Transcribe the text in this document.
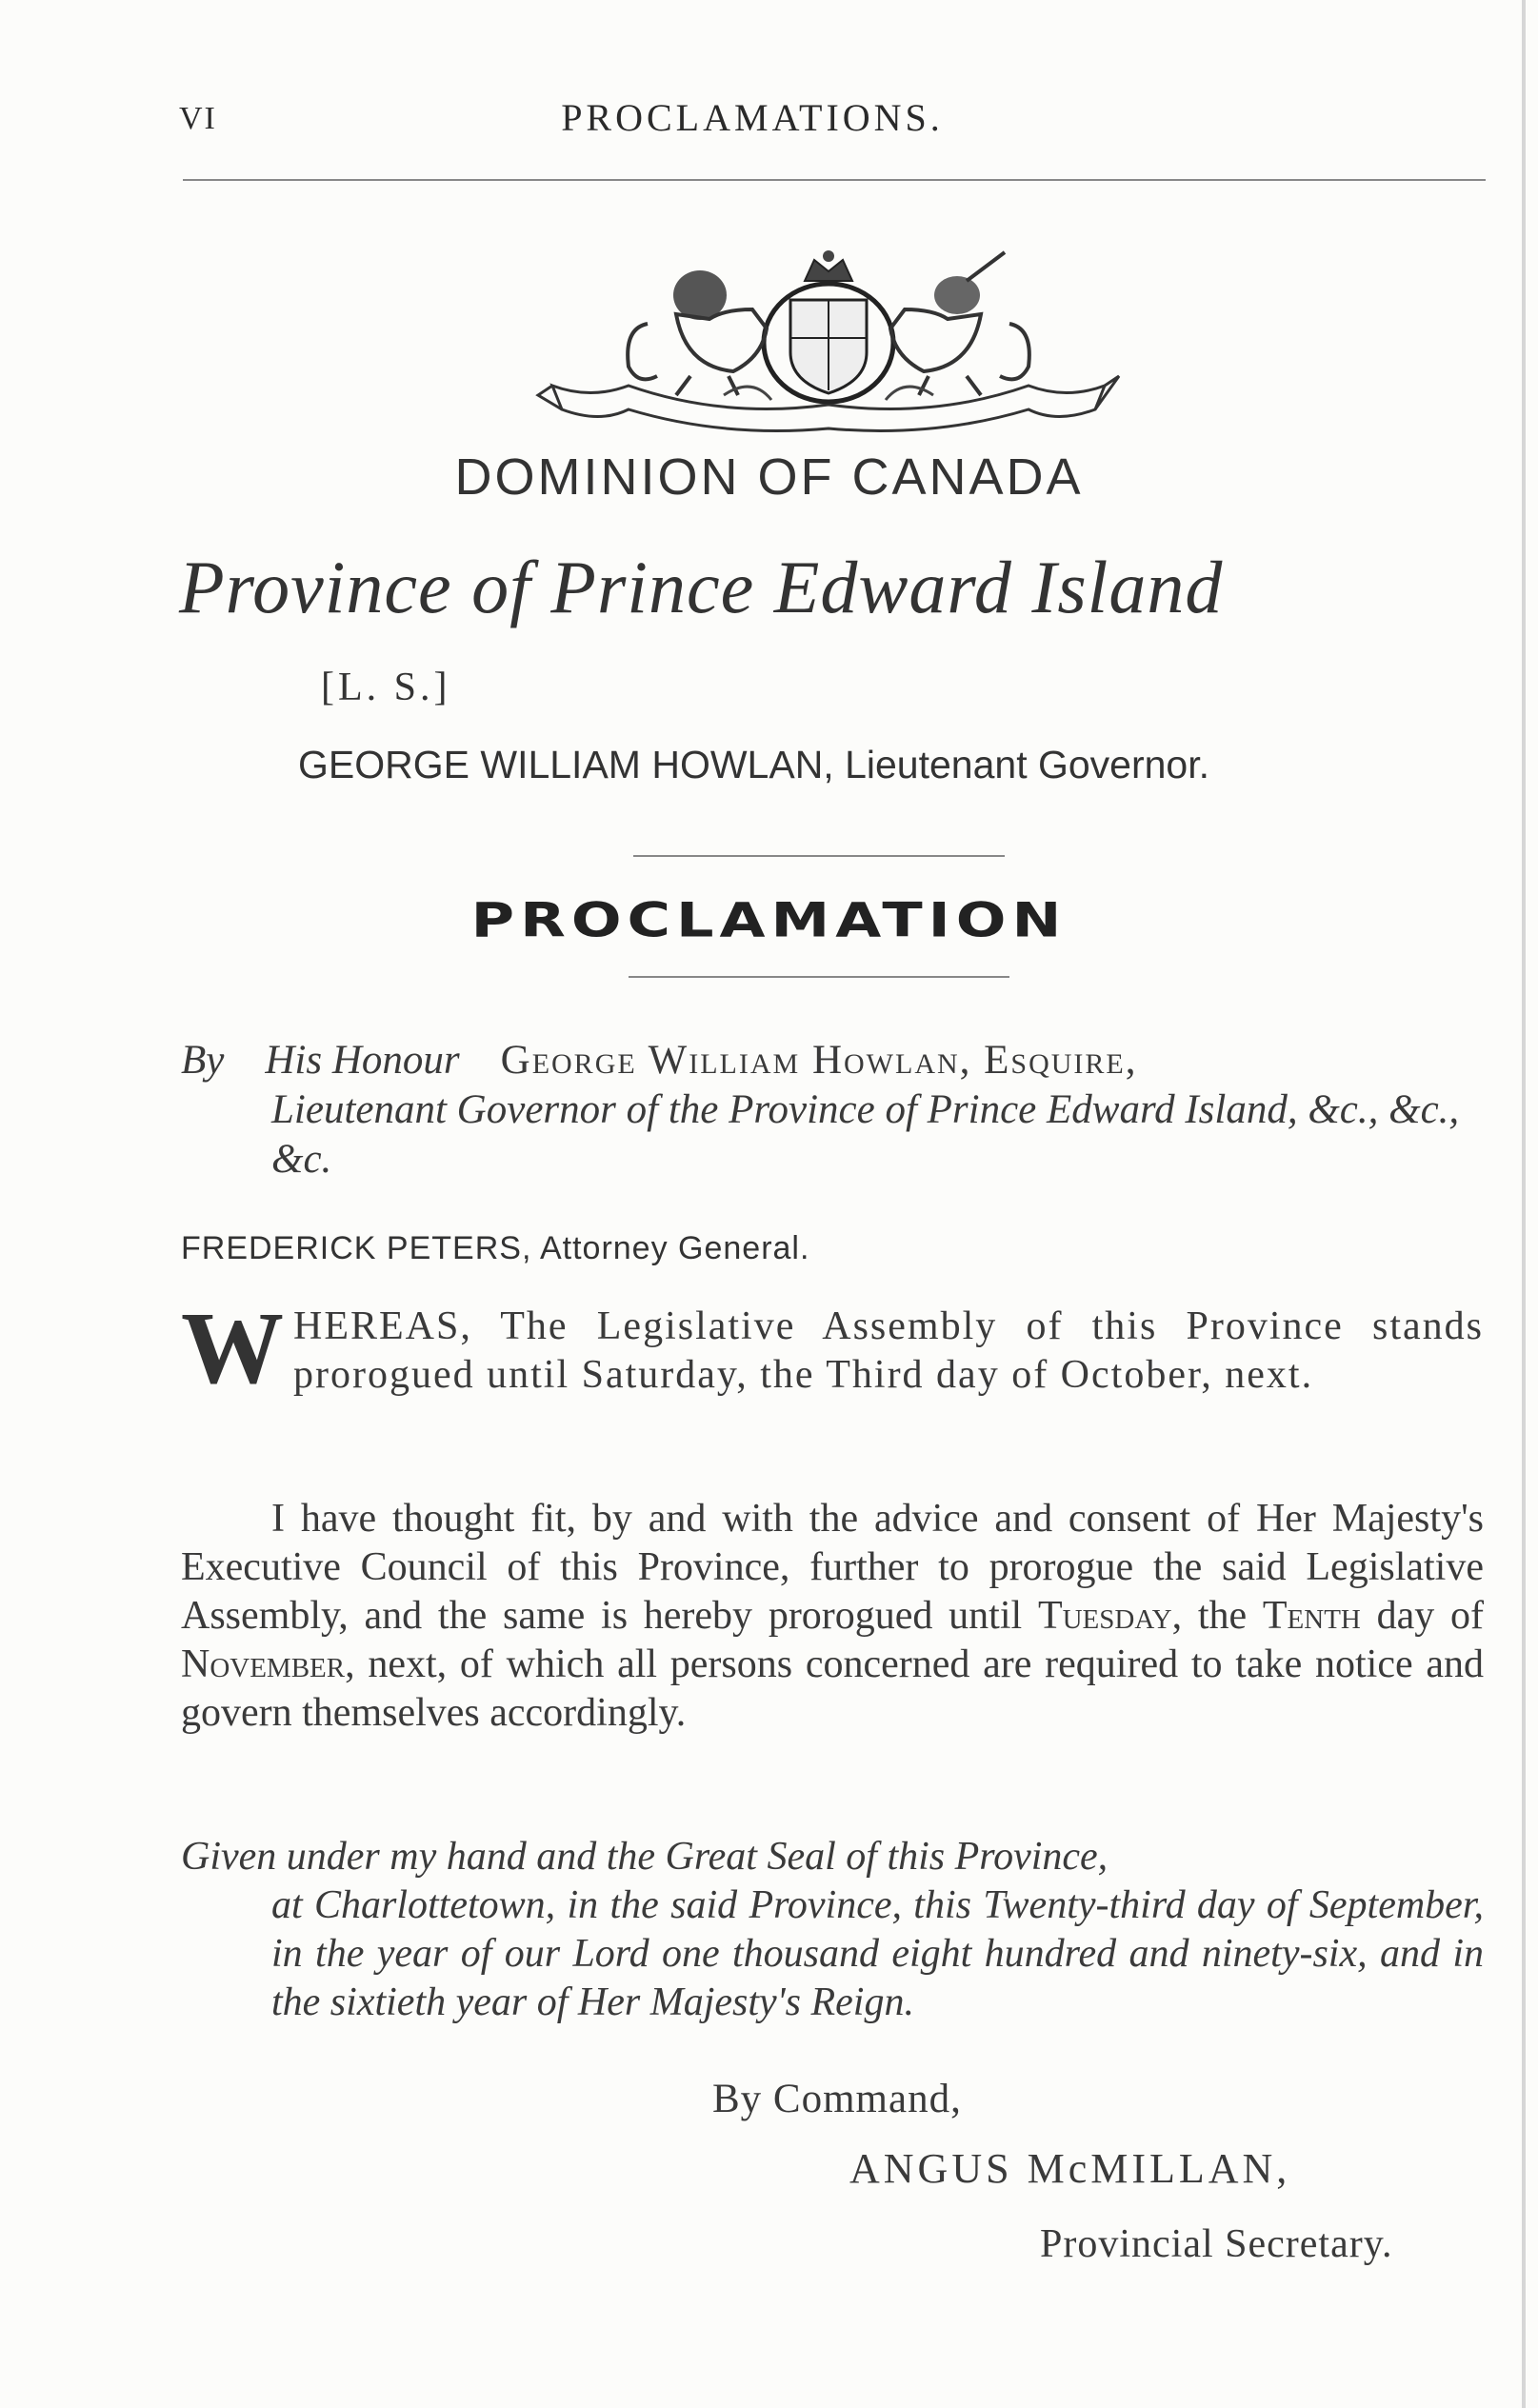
VI	PROCLAMATIONS.
DOMINION OF CANADA
Province of Prince Edward Island
[L. S.]
GEORGE WILLIAM HOWLAN, Lieutenant Governor.
PROCLAMATION
By His Honour George William Howlan, Esquire,
Lieutenant Governor of the Province of Prince Edward Island, &c., &c., &c.
FREDERICK PETERS, Attorney General.
WHEREAS, The Legislative Assembly of this Province stands prorogued until Saturday, the Third day of October, next.
I have thought fit, by and with the advice and consent of Her Majesty's Executive Council of this Province, further to prorogue the said Legislative Assembly, and the same is hereby prorogued until Tuesday, the Tenth day of November, next, of which all persons concerned are required to take notice and govern themselves accordingly.
Given under my hand and the Great Seal of this Province,
at Charlottetown, in the said Province, this Twenty-third day of September, in the year of our Lord one thousand eight hundred and ninety-six, and in the sixtieth year of Her Majesty's Reign.
By Command,
ANGUS McMILLAN,
Provincial Secretary.
